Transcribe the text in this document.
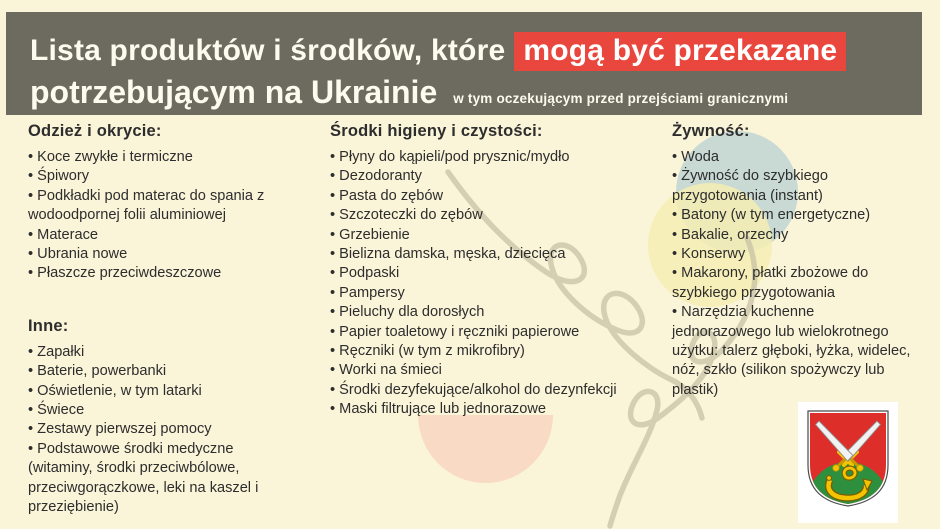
Lista produktów i środków, które mogą być przekazane
potrzebującym na Ukrainie w tym oczekującym przed przejściami granicznymi
Odzież i okrycie:
• Koce zwykłe i termiczne
• Śpiwory
• Podkładki pod materac do spania z wodoodpornej folii aluminiowej
• Materace
• Ubrania nowe
• Płaszcze przeciwdeszczowe
Inne:
• Zapałki
• Baterie, powerbanki
• Oświetlenie, w tym latarki
• Świece
• Zestawy pierwszej pomocy
• Podstawowe środki medyczne (witaminy, środki przeciwbólowe, przeciwgorączkowe, leki na kaszel i przeziębienie)
Środki higieny i czystości:
• Płyny do kąpieli/pod prysznic/mydło
• Dezodoranty
• Pasta do zębów
• Szczoteczki do zębów
• Grzebienie
• Bielizna damska, męska, dziecięca
• Podpaski
• Pampersy
• Pieluchy dla dorosłych
• Papier toaletowy i ręczniki papierowe
• Ręczniki (w tym z mikrofibry)
• Worki na śmieci
• Środki dezyfekujące/alkohol do dezynfekcji
• Maski filtrujące lub jednorazowe
Żywność:
• Woda
• Żywność do szybkiego przygotowania (instant)
• Batony (w tym energetyczne)
• Bakalie, orzechy
• Konserwy
• Makarony, płatki zbożowe do szybkiego przygotowania
• Narzędzia kuchenne jednorazowego lub wielokrotnego użytku: talerz głęboki, łyżka, widelec, nóż, szkło (silikon spożywczy lub plastik)
